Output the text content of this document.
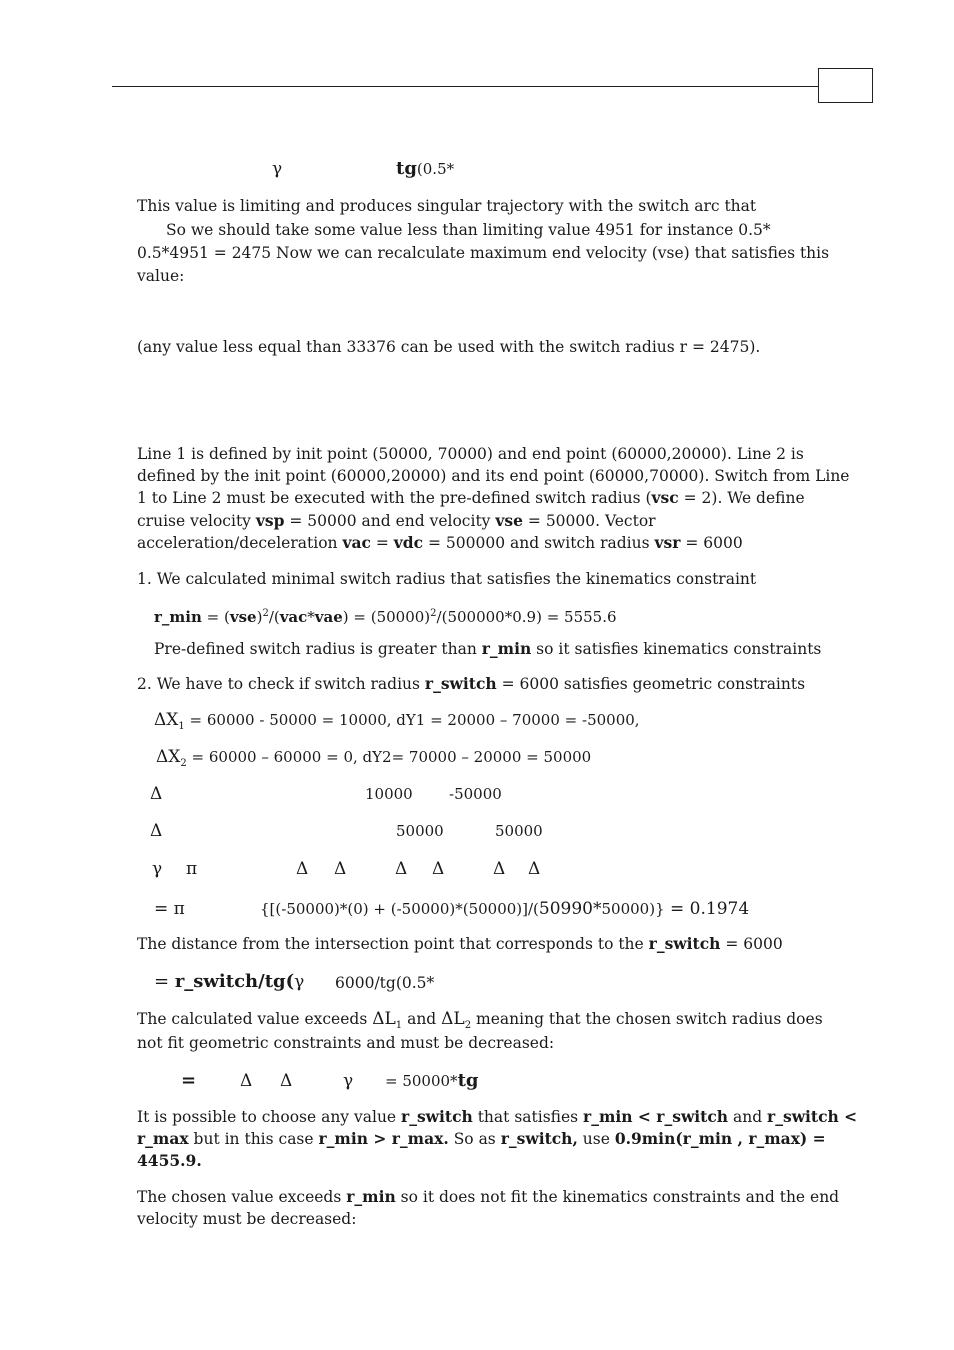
γ	tg(0.5*
This value is limiting and produces singular trajectory with the switch arc that
So we should take some value less than limiting value 4951 for instance 0.5*
0.5*4951 = 2475 Now we can recalculate maximum end velocity (vse) that satisfies this
value:
(any value less equal than 33376 can be used with the switch radius r = 2475).
Line 1 is defined by init point (50000, 70000) and end point (60000,20000). Line 2 is
defined by the init point (60000,20000) and its end point (60000,70000). Switch from Line
1 to Line 2 must be executed with the pre-defined switch radius (vsc = 2). We define
cruise velocity vsp = 50000 and end velocity vse = 50000. Vector
acceleration/deceleration vac = vdc = 500000 and switch radius vsr = 6000
1. We calculated minimal switch radius that satisfies the kinematics constraint
r_min = $(vse)^2/(vac*vae) = (50000)^2/(500000*0.9) = 5555.6$
Pre-defined switch radius is greater than r_min so it satisfies kinematics constraints
2. We have to check if switch radius r_switch = 6000 satisfies geometric constraints
$\Delta X_1 = 60000 - 50000 = 10000$, dY1 = 20000 – 70000 = -50000,
$\Delta X_2 = 60000 - 60000 = 0$, dY2= 70000 – 20000 = 50000
Δ	10000 -50000
Δ	50000	50000
γ π	Δ Δ	Δ Δ	Δ Δ
= π	{[(-50000)*(0) + (-50000)*(50000)]/(50990*50000)} = 0.1974
The distance from the intersection point that corresponds to the r_switch = 6000
= r_switch/tg(γ 6000/tg(0.5*
The calculated value exceeds $\Delta L_1$ and $\Delta L_2$ meaning that the chosen switch radius does
not fit geometric constraints and must be decreased:
=	Δ Δ	γ = 50000*tg
It is possible to choose any value r_switch that satisfies r_min < r_switch and r_switch <
r_max but in this case r_min > r_max. So as r_switch, use 0.9min(r_min , r_max) =
4455.9.
The chosen value exceeds r_min so it does not fit the kinematics constraints and the end
velocity must be decreased:
